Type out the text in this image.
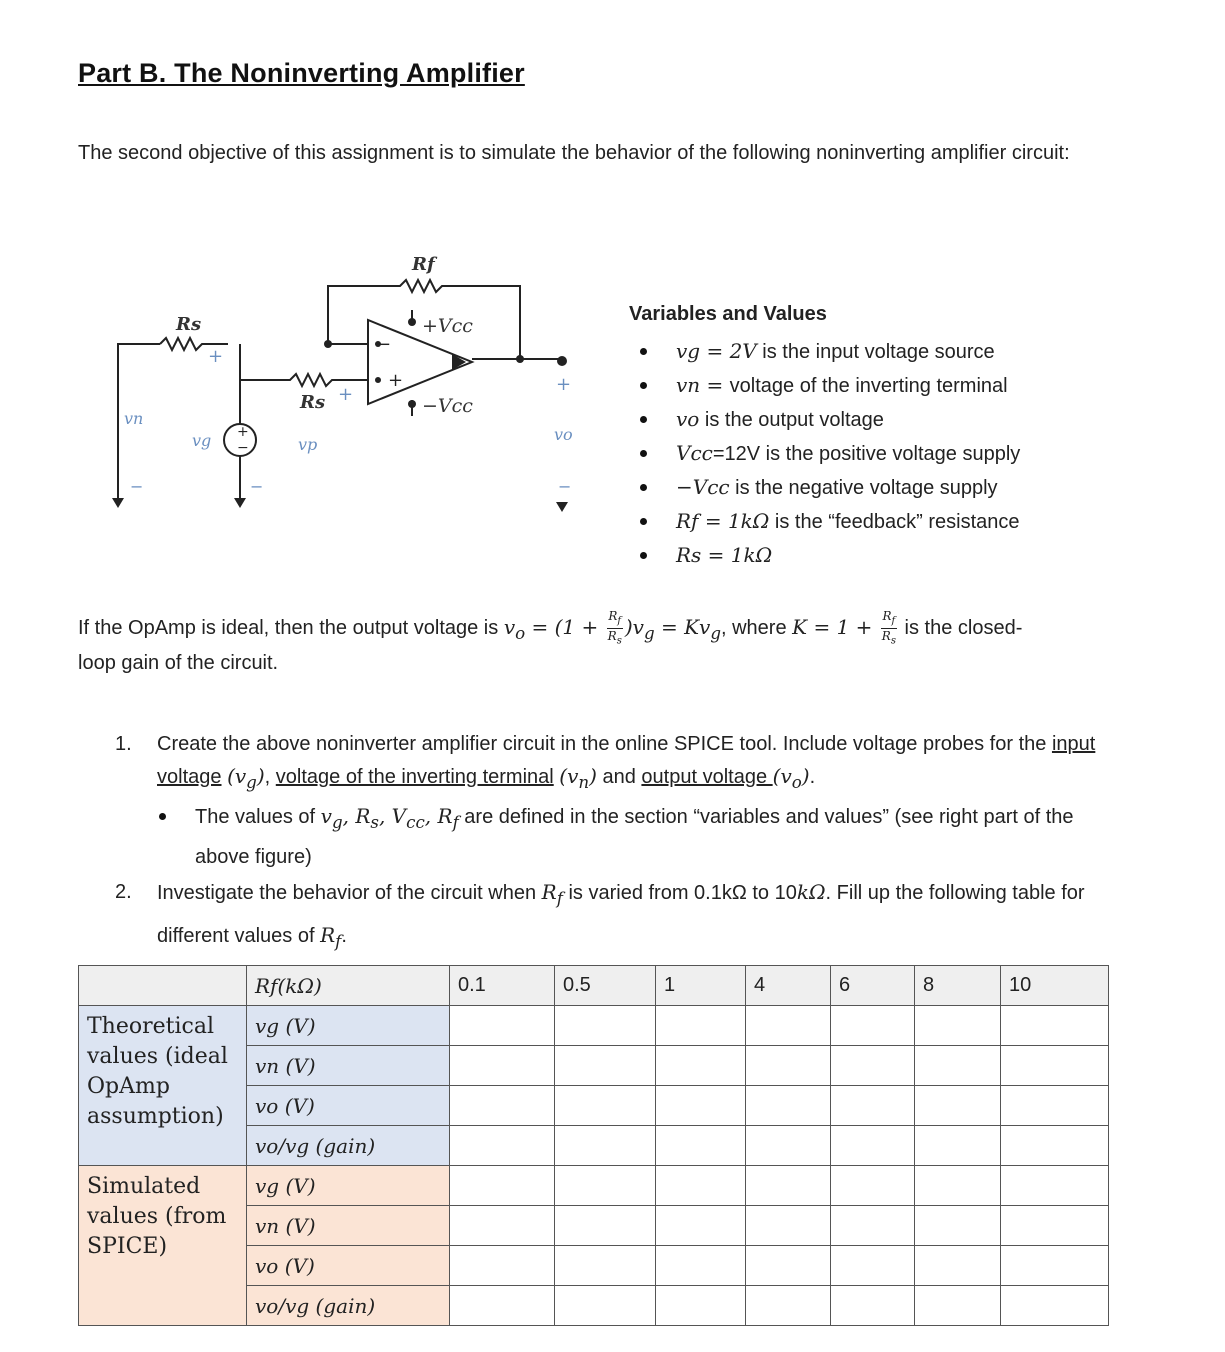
Part B. The Noninverting Amplifier
The second objective of this assignment is to simulate the behavior of the following noninverting amplifier circuit:
−
+
+
−
+
+	+
−	−	−
Rf
Rs
Rs
+Vcc
−Vcc
vn
vg	vp
vo
Variables and Values
vg = 2V is the input voltage source
vn = voltage of the inverting terminal
vo is the output voltage
Vcc=12V is the positive voltage supply
−Vcc is the negative voltage supply
Rf = 1kΩ is the “feedback” resistance
Rs = 1kΩ
If the OpAmp is ideal, then the output voltage is $v_o = (1 + \frac{R_f}{R_s} )v_g = Kv_g$, where $K = 1 + \frac{R_f}{R_s}$ is the closed-
loop gain of the circuit.
1. Create the above noninverter amplifier circuit in the online SPICE tool. Include voltage probes for the input voltage $(v_g)$, voltage of the inverting terminal $(v_n)$ and output voltage $(v_o)$.
The values of $v_g$, $R_s$, $V_{cc}$, $R_f$ are defined in the section “variables and values” (see right part of the above figure)
2. Investigate the behavior of the circuit when $R_f$ is varied from 0.1kΩ to 10kΩ. Fill up the following table for different values of $R_f$.
	Rf(kΩ)	0.1	0.5	1	4	6	8	10
Theoretical values (ideal OpAmp assumption)	vg (V)							
	vn (V)							
	vo (V)							
	vo/vg (gain)							
Simulated values (from SPICE)	vg (V)							
	vn (V)							
	vo (V)							
	vo/vg (gain)							
